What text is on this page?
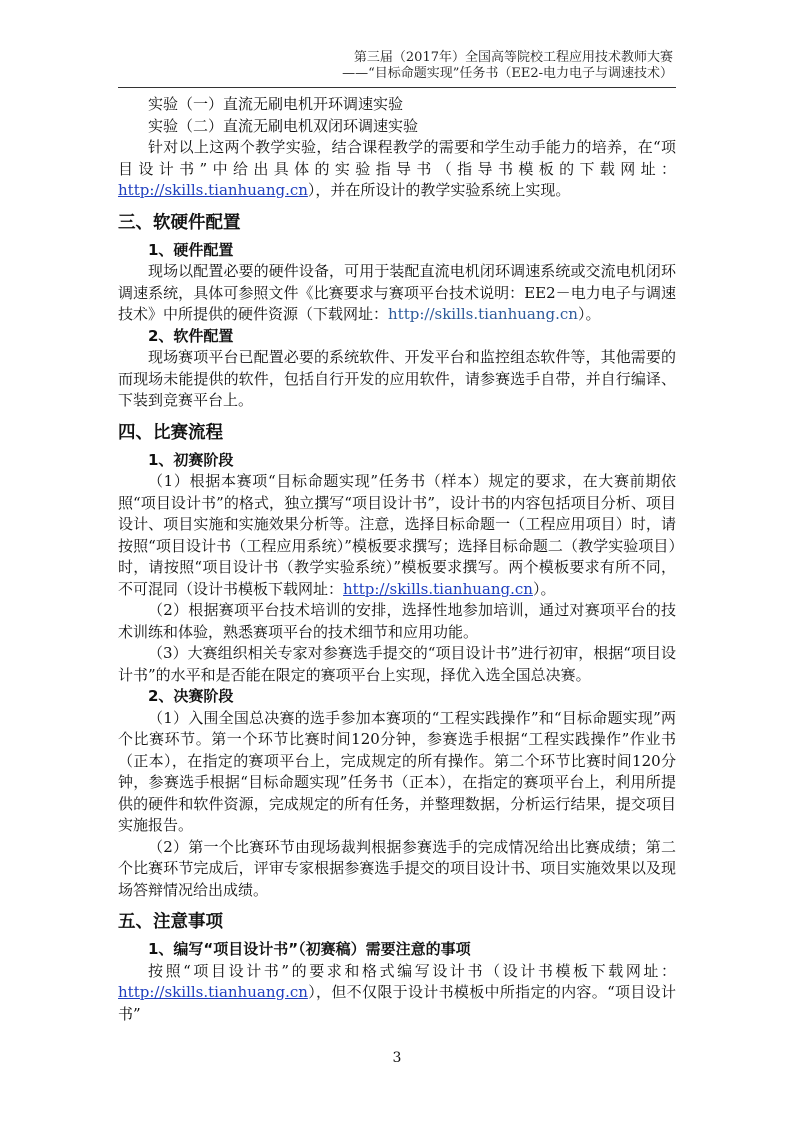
第三届（2017年）全国高等院校工程应用技术教师大赛
——“目标命题实现”任务书（EE2-电力电子与调速技术）

实验（一）直流无刷电机开环调速实验

实验（二）直流无刷电机双闭环调速实验

针对以上这两个教学实验，结合课程教学的需要和学生动手能力的培养，在“项目设计书”中给出具体的实验指导书（指导书模板的下载网址：http://skills.tianhuang.cn），并在所设计的教学实验系统上实现。

三、软硬件配置
1、硬件配置

现场以配置必要的硬件设备，可用于装配直流电机闭环调速系统或交流电机闭环调速系统，具体可参照文件《比赛要求与赛项平台技术说明：EE2－电力电子与调速技术》中所提供的硬件资源（下载网址：http://skills.tianhuang.cn）。

2、软件配置

现场赛项平台已配置必要的系统软件、开发平台和监控组态软件等，其他需要的而现场未能提供的软件，包括自行开发的应用软件，请参赛选手自带，并自行编译、下装到竞赛平台上。

四、比赛流程
1、初赛阶段

（1）根据本赛项“目标命题实现”任务书（样本）规定的要求，在大赛前期依照“项目设计书”的格式，独立撰写“项目设计书”，设计书的内容包括项目分析、项目设计、项目实施和实施效果分析等。注意，选择目标命题一（工程应用项目）时，请按照“项目设计书（工程应用系统）”模板要求撰写；选择目标命题二（教学实验项目）时，请按照“项目设计书（教学实验系统）”模板要求撰写。两个模板要求有所不同，不可混同（设计书模板下载网址：http://skills.tianhuang.cn）。

（2）根据赛项平台技术培训的安排，选择性地参加培训，通过对赛项平台的技术训练和体验，熟悉赛项平台的技术细节和应用功能。

（3）大赛组织相关专家对参赛选手提交的“项目设计书”进行初审，根据“项目设计书”的水平和是否能在限定的赛项平台上实现，择优入选全国总决赛。

2、决赛阶段

（1）入围全国总决赛的选手参加本赛项的“工程实践操作”和“目标命题实现”两个比赛环节。第一个环节比赛时间120分钟，参赛选手根据“工程实践操作”作业书（正本），在指定的赛项平台上，完成规定的所有操作。第二个环节比赛时间120分钟，参赛选手根据“目标命题实现”任务书（正本），在指定的赛项平台上，利用所提供的硬件和软件资源，完成规定的所有任务，并整理数据，分析运行结果，提交项目实施报告。

（2）第一个比赛环节由现场裁判根据参赛选手的完成情况给出比赛成绩；第二个比赛环节完成后，评审专家根据参赛选手提交的项目设计书、项目实施效果以及现场答辩情况给出成绩。

五、注意事项
1、编写“项目设计书”（初赛稿）需要注意的事项

按照“项目设计书”的要求和格式编写设计书（设计书模板下载网址：http://skills.tianhuang.cn），但不仅限于设计书模板中所指定的内容。“项目设计书”

3
